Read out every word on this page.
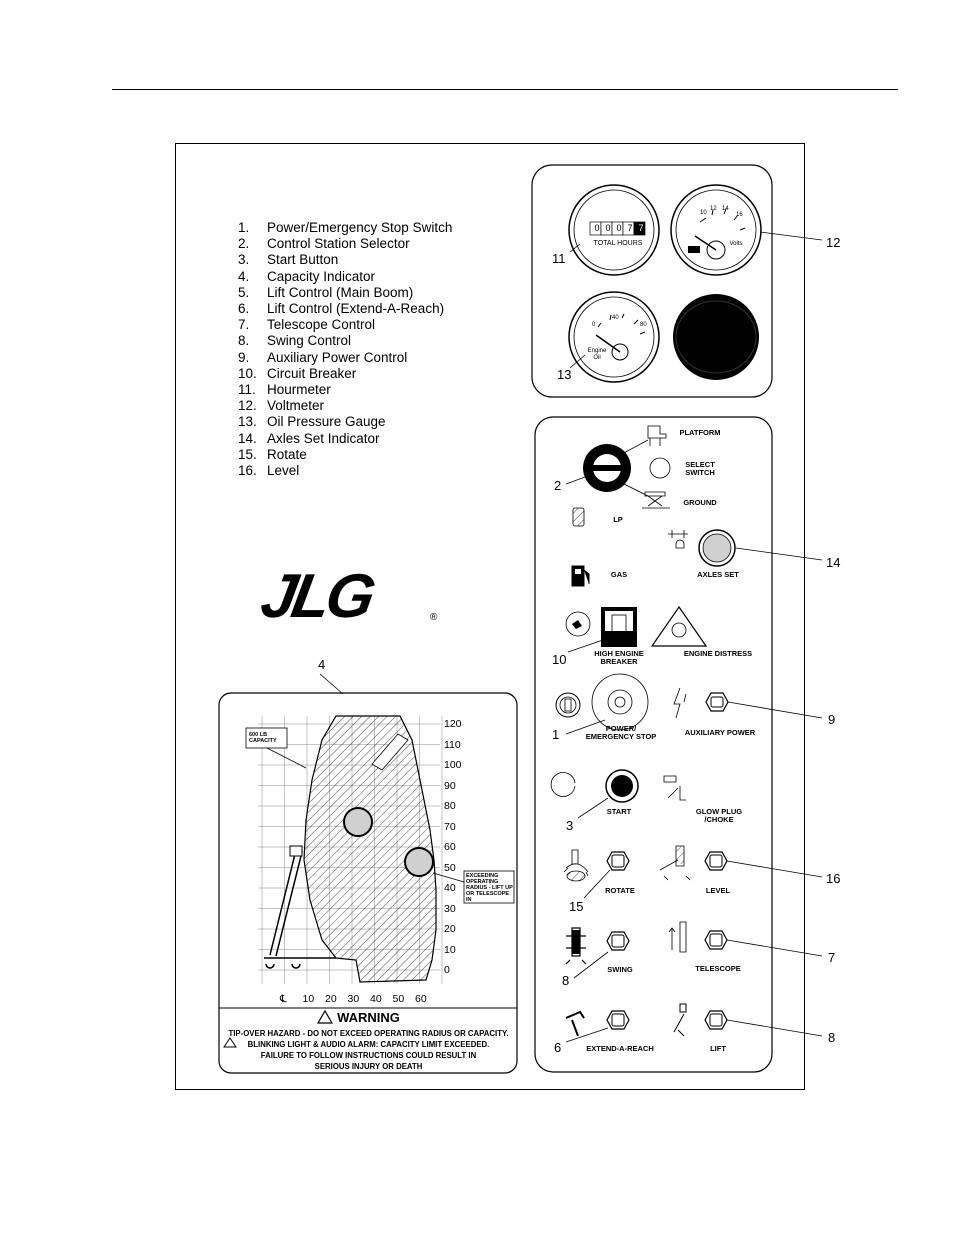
1.	Power/Emergency Stop Switch
2.	Control Station Selector
3.	Start Button
4.	Capacity Indicator
5.	Lift Control (Main Boom)
6.	Lift Control (Extend-A-Reach)
7.	Telescope Control
8.	Swing Control
9.	Auxiliary Power Control
10. Circuit Breaker
11. Hourmeter
12. Voltmeter
13. Oil Pressure Gauge
14. Axles Set Indicator
15. Rotate
16. Level
JLG	®
TOTAL HOURS
0 0 0 7 7
10
12 14
16
Volts
0
40
80
Engine
Oil
PLATFORM
SELECT SWITCH
GROUND
LP
GAS	AXLES SET
HIGH ENGINE BREAKER
ENGINE DISTRESS
POWER/ EMERGENCY STOP	AUXILIARY POWER
START	GLOW PLUG /CHOKE
ROTATE	LEVEL
SWING	TELESCOPE
EXTEND-A-REACH	LIFT
11
12
13
2
14
10
1
9
3
16
15
8
7
6
8
4
120
110
100
90
80
70
60
50
40
30
20
10
0
℄ 10 20 30 40 50 60
600 LB CAPACITY
EXCEEDING OPERATING RADIUS - LIFT UP OR TELESCOPE IN
WARNING
TIP-OVER HAZARD - DO NOT EXCEED OPERATING RADIUS OR CAPACITY.
BLINKING LIGHT & AUDIO ALARM: CAPACITY LIMIT EXCEEDED.
FAILURE TO FOLLOW INSTRUCTIONS COULD RESULT IN
SERIOUS INJURY OR DEATH
